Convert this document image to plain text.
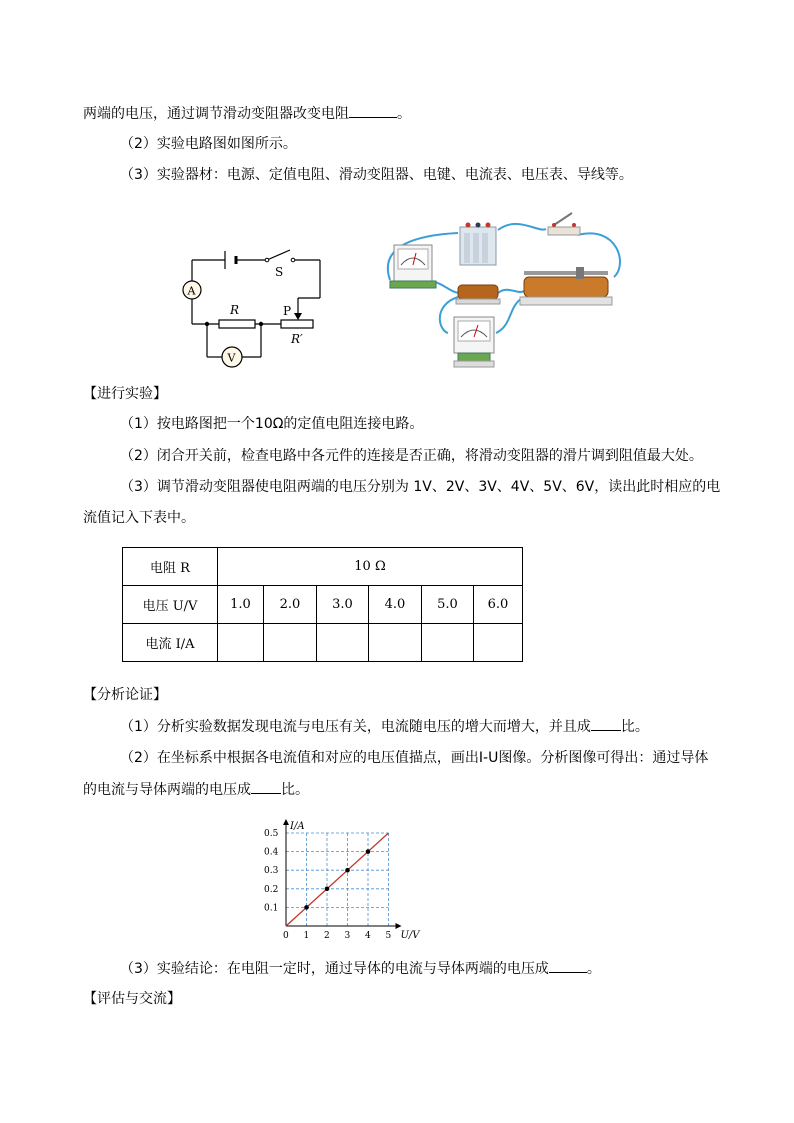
两端的电压，通过调节滑动变阻器改变电阻	。
（2）实验电路图如图所示。
（3）实验器材：电源、定值电阻、滑动变阻器、电键、电流表、电压表、导线等。
S
A
R	P
R′
V
【进行实验】
（1）按电路图把一个10Ω的定值电阻连接电路。
（2）闭合开关前，检查电路中各元件的连接是否正确，将滑动变阻器的滑片调到阻值最大处。
（3）调节滑动变阻器使电阻两端的电压分别为 1V、2V、3V、4V、5V、6V，读出此时相应的电
流值记入下表中。
电阻 R	10 Ω					
电压 U/V	1.0	2.0	3.0	4.0	5.0	6.0
电流 I/A						
【分析论证】
（1）分析实验数据发现电流与电压有关，电流随电压的增大而增大，并且成 比。
（2）在坐标系中根据各电流值和对应的电压值描点，画出I-U图像。分析图像可得出：通过导体
的电流与导体两端的电压成 比。
0 1 2 3 4 5
0.1
0.2
0.3
0.4
0.5
U/V
I/A
（3）实验结论：在电阻一定时，通过导体的电流与导体两端的电压成	。
【评估与交流】
